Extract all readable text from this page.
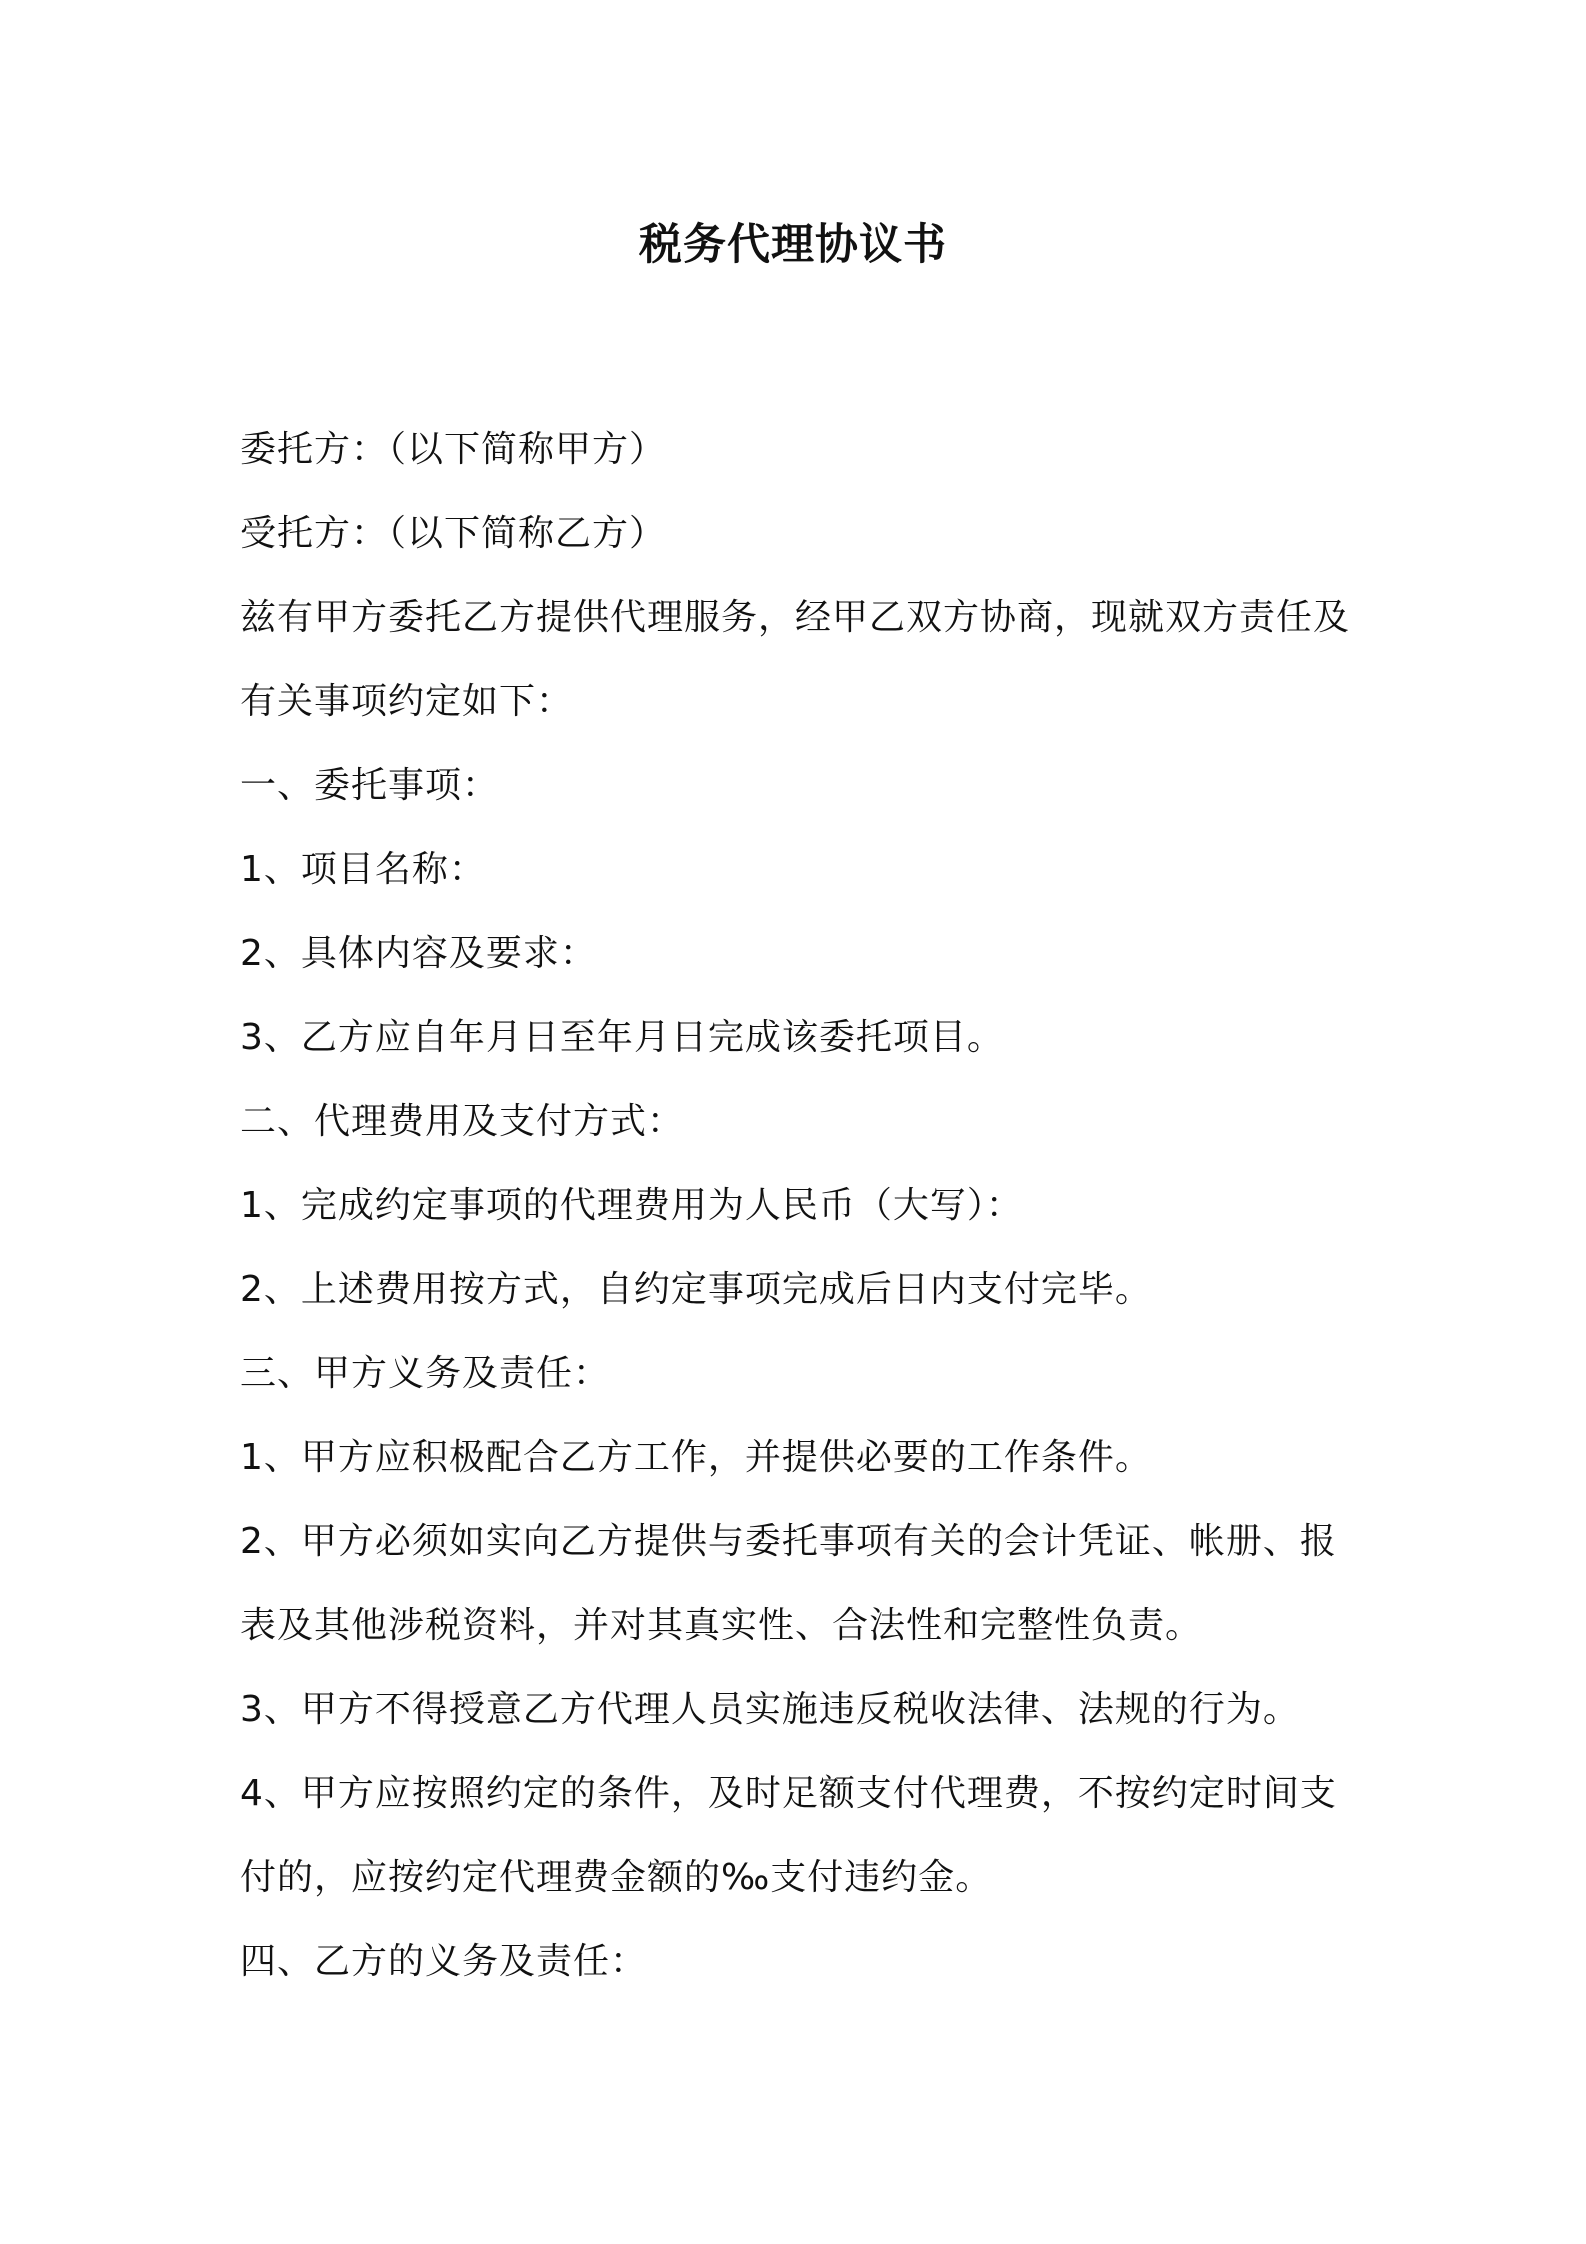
税务代理协议书
委托方：（以下简称甲方）
受托方：（以下简称乙方）
兹有甲方委托乙方提供代理服务，经甲乙双方协商，现就双方责任及
有关事项约定如下：
一、委托事项：
1、项目名称：
2、具体内容及要求：
3、乙方应自年月日至年月日完成该委托项目。
二、代理费用及支付方式：
1、完成约定事项的代理费用为人民币（大写）：
2、上述费用按方式，自约定事项完成后日内支付完毕。
三、甲方义务及责任：
1、甲方应积极配合乙方工作，并提供必要的工作条件。
2、甲方必须如实向乙方提供与委托事项有关的会计凭证、帐册、报
表及其他涉税资料，并对其真实性、合法性和完整性负责。
3、甲方不得授意乙方代理人员实施违反税收法律、法规的行为。
4、甲方应按照约定的条件，及时足额支付代理费，不按约定时间支
付的，应按约定代理费金额的‰支付违约金。
四、乙方的义务及责任：
